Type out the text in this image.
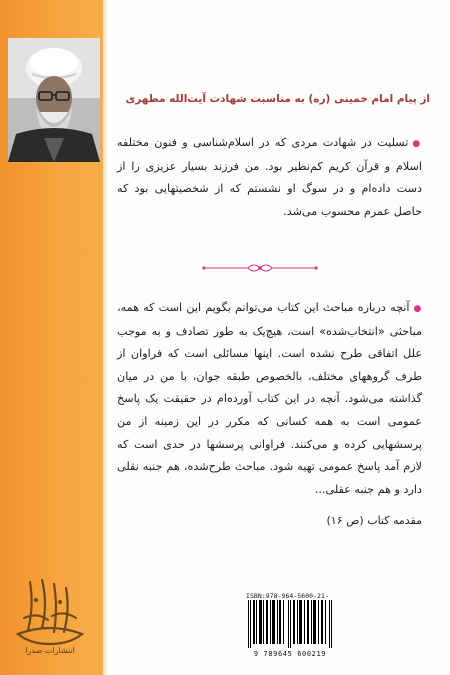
از پیام امام خمینی (ره) به مناسبت شهادت آیت‌الله مطهری
●تسلیت در شهادت مردی که در اسلام‌شناسی و فنون مختلفه اسلام و قرآن کریم کم‌نظیر بود. من فرزند بسیار عزیزی را از دست داده‌ام و در سوگ او نشستم که از شخصیتهایی بود که حاصل عمرم محسوب می‌شد.
●آنچه درباره مباحث این کتاب می‌توانم بگویم این است که همه، مباحثی «انتخاب‌شده» است، هیچ‌یک به طور تصادف و به موجب علل اتفاقی طرح نشده است. اینها مسائلی است که فراوان از طرف گروههای مختلف، بالخصوص طبقه جوان، با من در میان گذاشته می‌شود. آنچه در این کتاب آورده‌ام در حقیقت یک پاسخ عمومی است به همه کسانی که مکرر در این زمینه از من پرسشهایی کرده و می‌کنند. فراوانی پرسشها در حدی است که لازم آمد پاسخ عمومی تهیه شود. مباحث طرح‌شده، هم جنبه نقلی دارد و هم جنبه عقلی...
مقدمه کتاب (ص ۱۶)
انتشارات صدرا
ISBN:978-964-5600-21-
9 789645 600219
